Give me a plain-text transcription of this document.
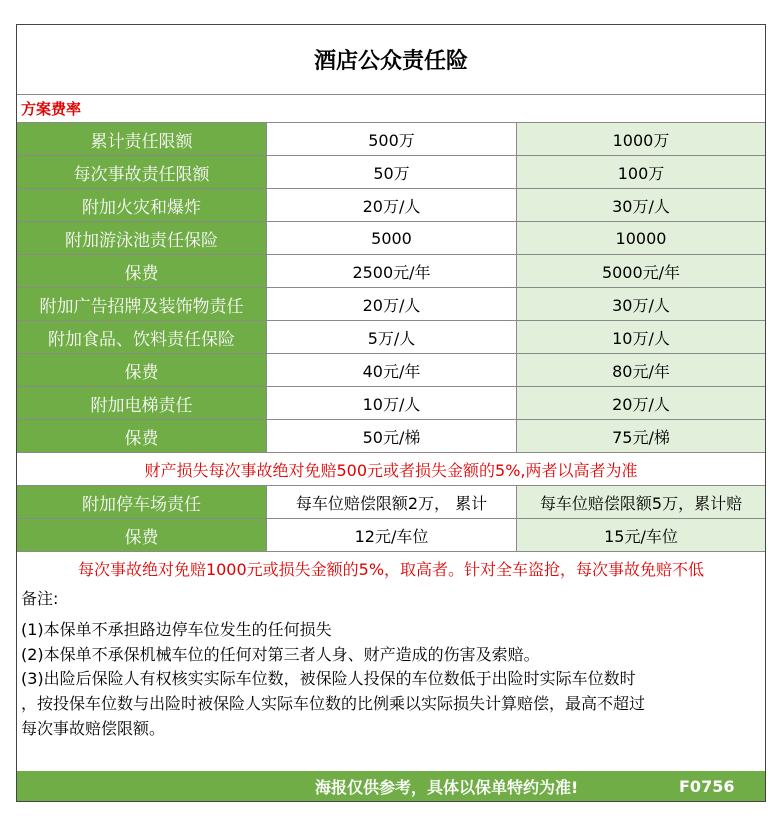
酒店公众责任险
方案费率
累计责任限额	500万	1000万
每次事故责任限额	50万	100万
附加火灾和爆炸	20万/人	30万/人
附加游泳池责任保险	5000	10000
保费	2500元/年	5000元/年
附加广告招牌及装饰物责任	20万/人	30万/人
附加食品、饮料责任保险	5万/人	10万/人
保费	40元/年	80元/年
附加电梯责任	10万/人	20万/人
保费	50元/梯	75元/梯
财产损失每次事故绝对免赔500元或者损失金额的5%,两者以高者为准
附加停车场责任	每车位赔偿限额2万， 累计	每车位赔偿限额5万，累计赔
保费	12元/车位	15元/车位
每次事故绝对免赔1000元或损失金额的5%，取高者。针对全车盗抢，每次事故免赔不低
备注:
(1)本保单不承担路边停车位发生的任何损失
(2)本保单不承保机械车位的任何对第三者人身、财产造成的伤害及索赔。
(3)出险后保险人有权核实实际车位数，被保险人投保的车位数低于出险时实际车位数时
，按投保车位数与出险时被保险人实际车位数的比例乘以实际损失计算赔偿，最高不超过
每次事故赔偿限额。
海报仅供参考，具体以保单特约为准!	F0756
